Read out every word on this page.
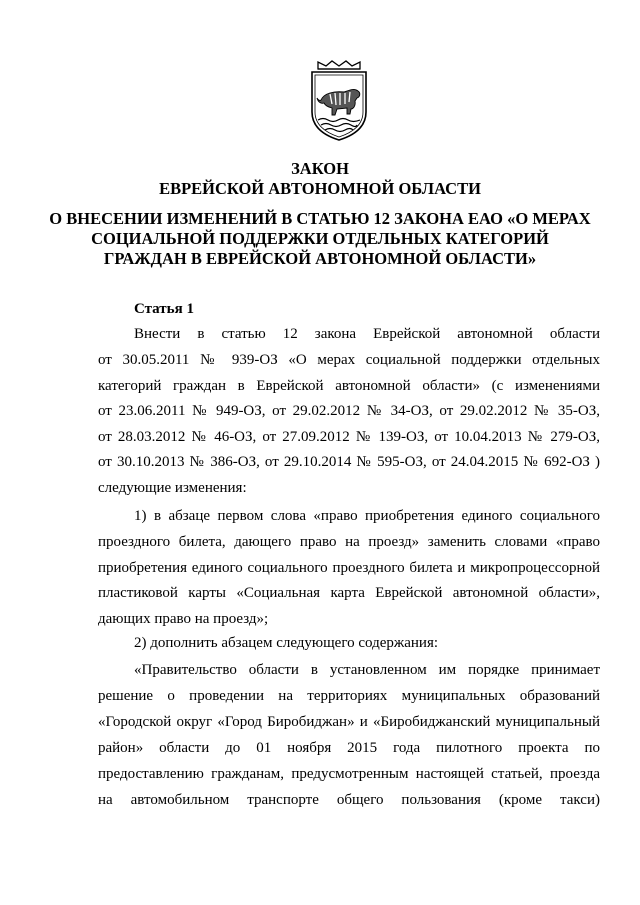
ЗАКОН

ЕВРЕЙСКОЙ АВТОНОМНОЙ ОБЛАСТИ

О ВНЕСЕНИИ ИЗМЕНЕНИЙ В СТАТЬЮ 12 ЗАКОНА ЕАО «О МЕРАХ

СОЦИАЛЬНОЙ ПОДДЕРЖКИ ОТДЕЛЬНЫХ КАТЕГОРИЙ

ГРАЖДАН В ЕВРЕЙСКОЙ АВТОНОМНОЙ ОБЛАСТИ»

Статья 1

Внести в статью 12 закона Еврейской автономной области
от 30.05.2011 № 939-ОЗ «О мерах социальной поддержки отдельных
категорий граждан в Еврейской автономной области» (с изменениями
от 23.06.2011 № 949-ОЗ, от 29.02.2012 № 34-ОЗ, от 29.02.2012 № 35-ОЗ,
от 28.03.2012 № 46-ОЗ, от 27.09.2012 № 139-ОЗ, от 10.04.2013 № 279-ОЗ,
от 30.10.2013 № 386-ОЗ, от 29.10.2014 № 595-ОЗ, от 24.04.2015 № 692-ОЗ )
следующие изменения:
1) в абзаце первом слова «право приобретения единого социального
проездного билета, дающего право на проезд» заменить словами «право
приобретения единого социального проездного билета и микропроцессорной
пластиковой карты «Социальная карта Еврейской автономной области»,
дающих право на проезд»;
2) дополнить абзацем следующего содержания:
«Правительство области в установленном им порядке принимает
решение о проведении на территориях муниципальных образований
«Городской округ «Город Биробиджан» и «Биробиджанский муниципальный
район» области до 01 ноября 2015 года пилотного проекта по
предоставлению гражданам, предусмотренным настоящей статьей, проезда
на автомобильном транспорте общего пользования (кроме такси)
